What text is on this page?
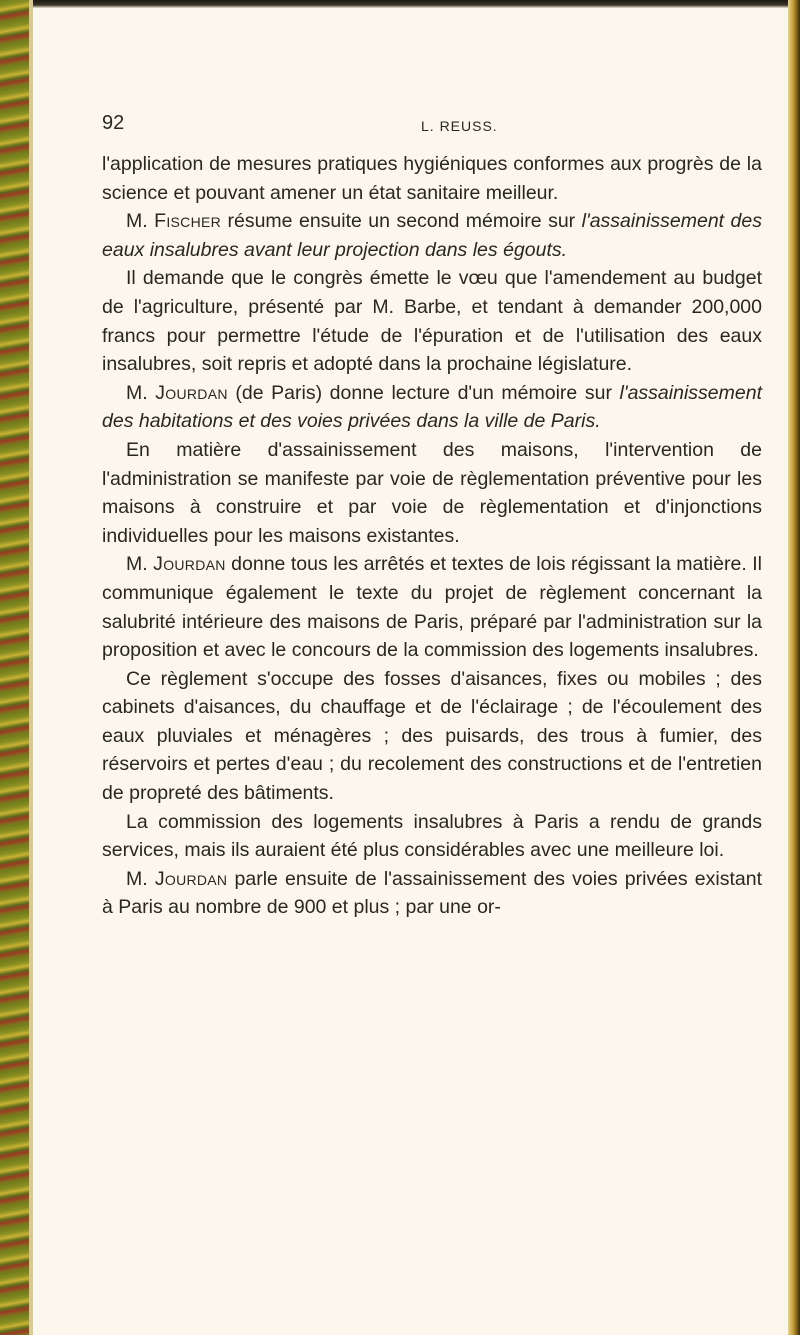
92	L. REUSS.

l'application de mesures pratiques hygiéniques conformes aux progrès de la science et pouvant amener un état sanitaire meilleur.

M. Fischer résume ensuite un second mémoire sur l'assainissement des eaux insalubres avant leur projection dans les égouts.

Il demande que le congrès émette le vœu que l'amendement au budget de l'agriculture, présenté par M. Barbe, et tendant à demander 200,000 francs pour permettre l'étude de l'épuration et de l'utilisation des eaux insalubres, soit repris et adopté dans la prochaine législature.

M. Jourdan (de Paris) donne lecture d'un mémoire sur l'assainissement des habitations et des voies privées dans la ville de Paris.

En matière d'assainissement des maisons, l'intervention de l'administration se manifeste par voie de règlementation préventive pour les maisons à construire et par voie de règlementation et d'injonctions individuelles pour les maisons existantes.

M. Jourdan donne tous les arrêtés et textes de lois régissant la matière. Il communique également le texte du projet de règlement concernant la salubrité intérieure des maisons de Paris, préparé par l'administration sur la proposition et avec le concours de la commission des logements insalubres.

Ce règlement s'occupe des fosses d'aisances, fixes ou mobiles ; des cabinets d'aisances, du chauffage et de l'éclairage ; de l'écoulement des eaux pluviales et ménagères ; des puisards, des trous à fumier, des réservoirs et pertes d'eau ; du recolement des constructions et de l'entretien de propreté des bâtiments.

La commission des logements insalubres à Paris a rendu de grands services, mais ils auraient été plus considérables avec une meilleure loi.

M. Jourdan parle ensuite de l'assainissement des voies privées existant à Paris au nombre de 900 et plus ; par une or-
